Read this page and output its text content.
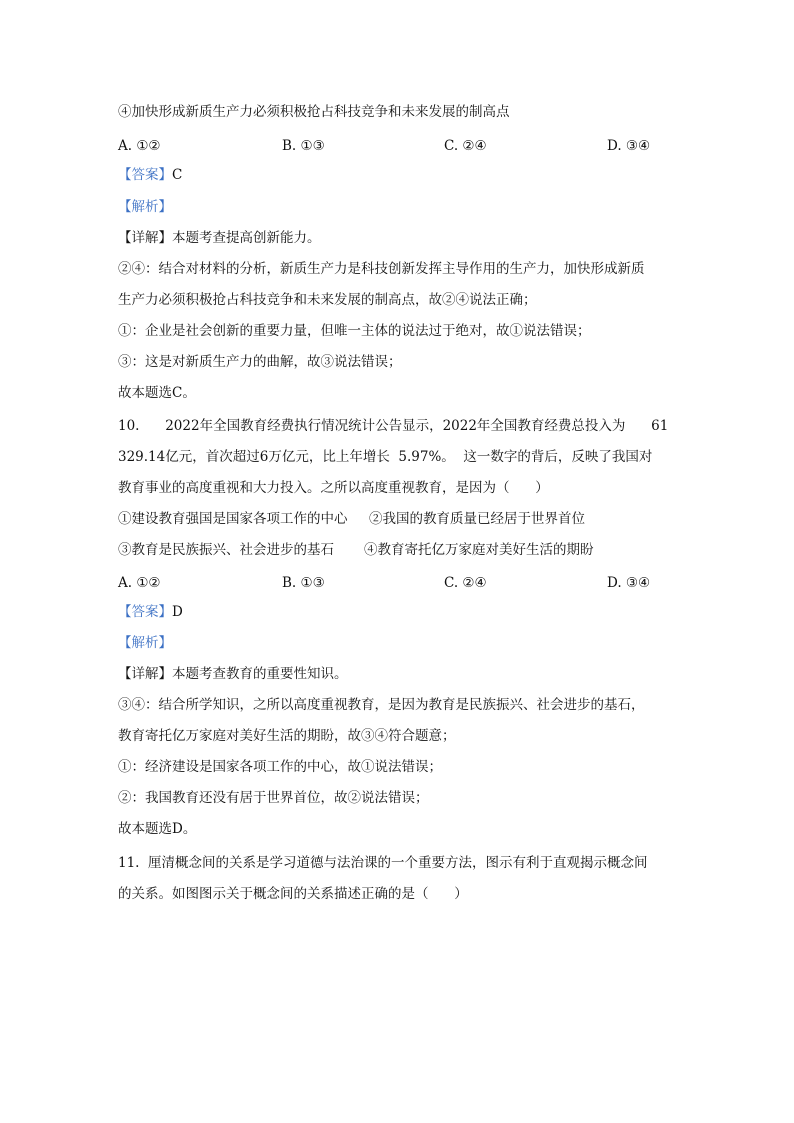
④加快形成新质生产力必须积极抢占科技竞争和未来发展的制高点
A. ①②	B. ①③	C. ②④	D. ③④
【答案】C
【解析】
【详解】本题考查提高创新能力。
②④：结合对材料的分析，新质生产力是科技创新发挥主导作用的生产力，加快形成新质
生产力必须积极抢占科技竞争和未来发展的制高点，故②④说法正确；
①：企业是社会创新的重要力量，但唯一主体的说法过于绝对，故①说法错误；
③：这是对新质生产力的曲解，故③说法错误；
故本题选C。
10.      2022年全国教育经费执行情况统计公告显示，2022年全国教育经费总投入为      61
329.14亿元，首次超过6万亿元，比上年增长  5.97%。  这一数字的背后，反映了我国对
教育事业的高度重视和大力投入。之所以高度重视教育，是因为（      ）
①建设教育强国是国家各项工作的中心     ②我国的教育质量已经居于世界首位
③教育是民族振兴、社会进步的基石       ④教育寄托亿万家庭对美好生活的期盼
A. ①②	B. ①③	C. ②④	D. ③④
【答案】D
【解析】
【详解】本题考查教育的重要性知识。
③④：结合所学知识，之所以高度重视教育，是因为教育是民族振兴、社会进步的基石，
教育寄托亿万家庭对美好生活的期盼，故③④符合题意；
①：经济建设是国家各项工作的中心，故①说法错误；
②：我国教育还没有居于世界首位，故②说法错误；
故本题选D。
11.  厘清概念间的关系是学习道德与法治课的一个重要方法，图示有利于直观揭示概念间
的关系。如图图示关于概念间的关系描述正确的是（      ）
